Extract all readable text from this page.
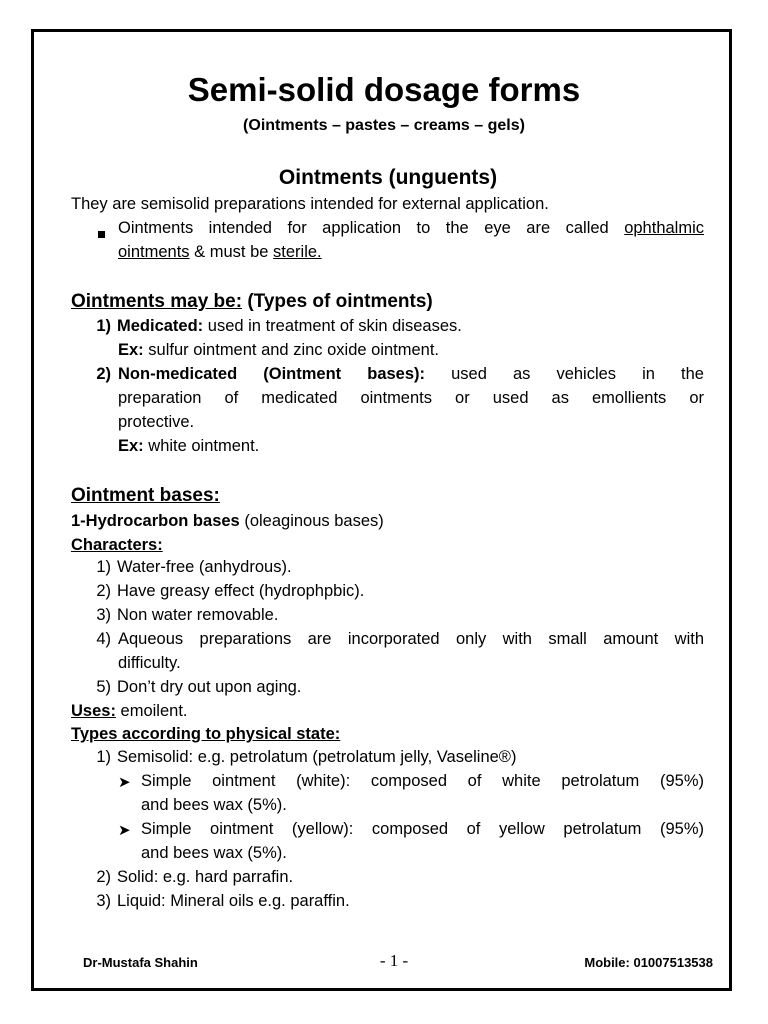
Semi-solid dosage forms
(Ointments – pastes – creams – gels)
Ointments (unguents)
They are semisolid preparations intended for external application.
Ointments intended for application to the eye are called ophthalmic
ointments & must be sterile.
Ointments may be: (Types of ointments)
1) Medicated: used in treatment of skin diseases.
Ex: sulfur ointment and zinc oxide ointment.
2) Non-medicated (Ointment bases): used as vehicles in the
preparation of medicated ointments or used as emollients or
protective.
Ex: white ointment.
Ointment bases:
1-Hydrocarbon bases (oleaginous bases)
Characters:
1) Water-free (anhydrous).
2) Have greasy effect (hydrophpbic).
3) Non water removable.
4) Aqueous preparations are incorporated only with small amount with
difficulty.
5) Don’t dry out upon aging.
Uses: emoilent.
Types according to physical state:
1) Semisolid: e.g. petrolatum (petrolatum jelly, Vaseline®)
➤ Simple ointment (white): composed of white petrolatum (95%)
and bees wax (5%).
➤ Simple ointment (yellow): composed of yellow petrolatum (95%)
and bees wax (5%).
2) Solid: e.g. hard parrafin.
3) Liquid: Mineral oils e.g. paraffin.
Dr-Mustafa Shahin	- 1 -	Mobile: 01007513538
